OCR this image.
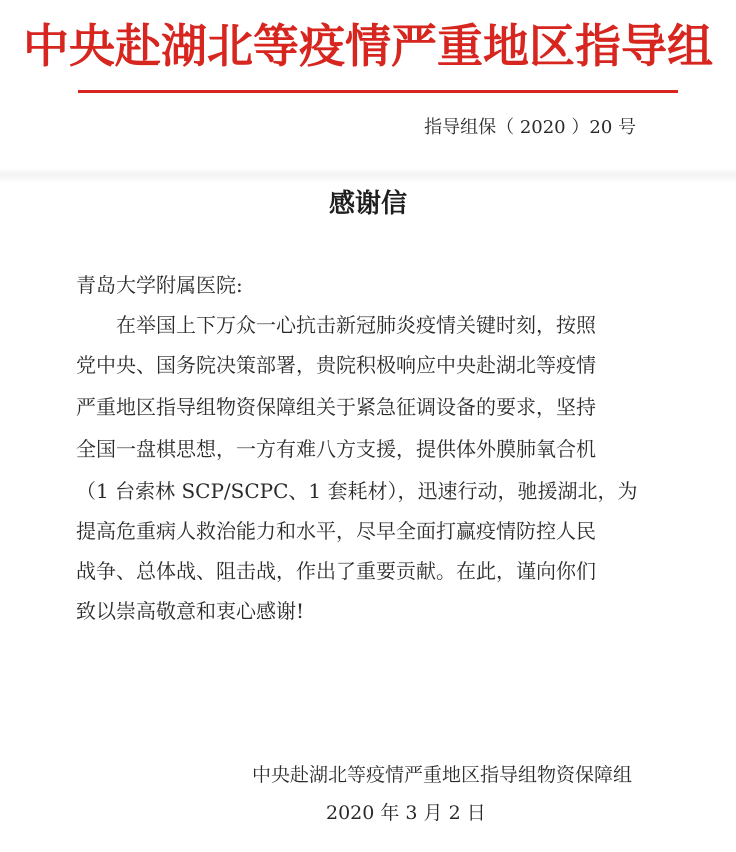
中央赴湖北等疫情严重地区指导组
指导组保（ 2020 ）20 号
感谢信
青岛大学附属医院:
在举国上下万众一心抗击新冠肺炎疫情关键时刻，按照
党中央、国务院决策部署，贵院积极响应中央赴湖北等疫情
严重地区指导组物资保障组关于紧急征调设备的要求，坚持
全国一盘棋思想，一方有难八方支援，提供体外膜肺氧合机
（1 台索林 SCP/SCPC、1 套耗材），迅速行动，驰援湖北，为
提高危重病人救治能力和水平，尽早全面打赢疫情防控人民
战争、总体战、阻击战，作出了重要贡献。在此，谨向你们
致以崇高敬意和衷心感谢!
中央赴湖北等疫情严重地区指导组物资保障组
2020 年 3 月 2 日
